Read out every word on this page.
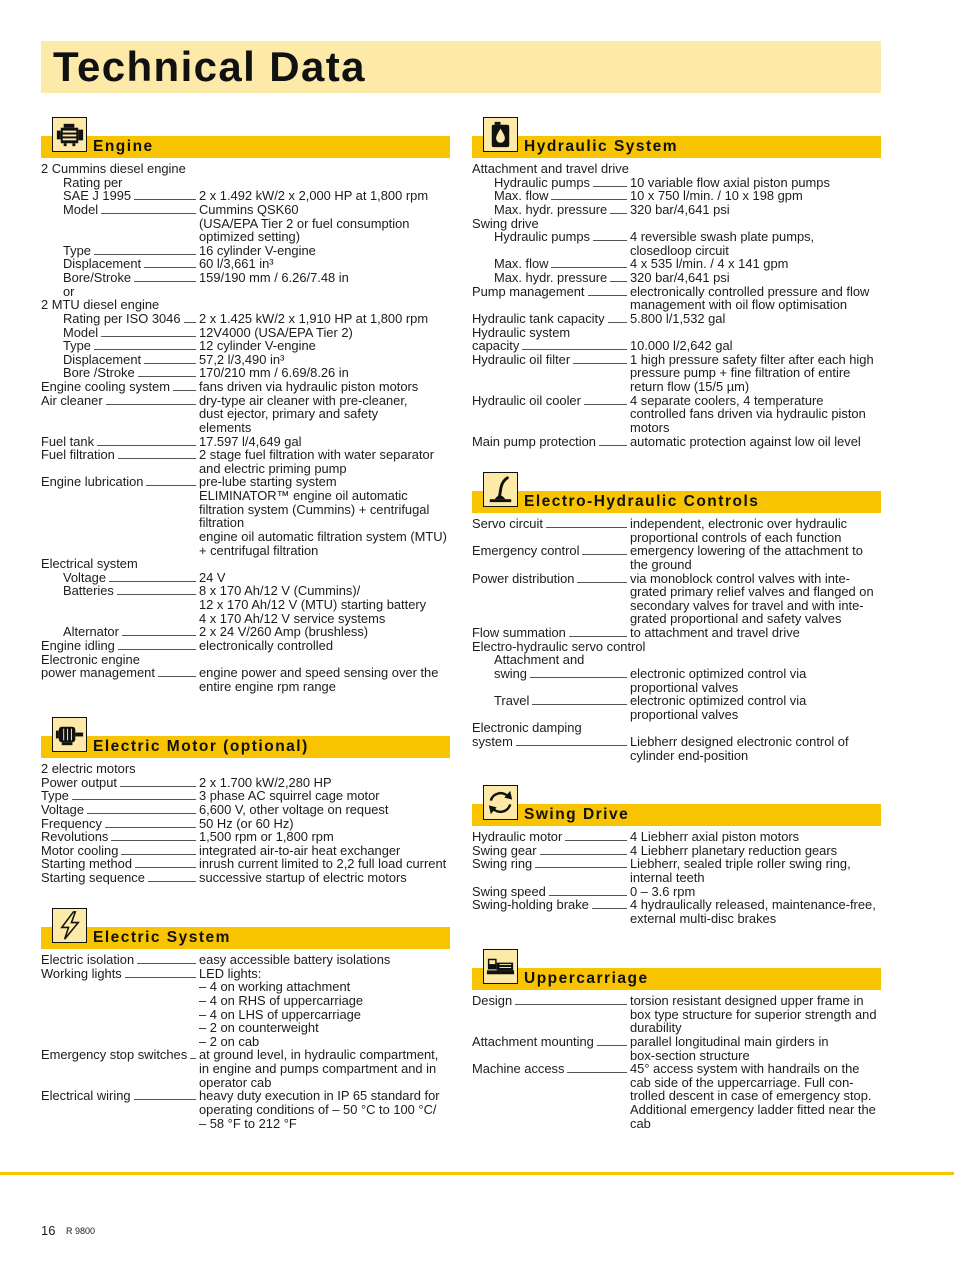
Technical Data
Engine
2 Cummins diesel engine
Rating per
SAE J 1995	2 x 1.492 kW/2 x 2,000 HP at 1,800 rpm
Model	Cummins QSK60
(USA/EPA Tier 2 or fuel consumption
optimized setting)
Type	16 cylinder V-engine
Displacement	60 l/3,661 in³
Bore/Stroke	159/190 mm / 6.26/7.48 in
or
2 MTU diesel engine
Rating per ISO 3046 2 x 1.425 kW/2 x 1,910 HP at 1,800 rpm
Model	12V4000 (USA/EPA Tier 2)
Type	12 cylinder V-engine
Displacement	57,2 l/3,490 in³
Bore /Stroke	170/210 mm / 6.69/8.26 in
Engine cooling system fans driven via hydraulic piston motors
Air cleaner	dry-type air cleaner with pre-cleaner,
dust ejector, primary and safety
elements
Fuel tank	17.597 l/4,649 gal
Fuel filtration	2 stage fuel filtration with water separator
and electric priming pump
Engine lubrication	pre-lube starting system
ELIMINATOR™ engine oil automatic
filtration system (Cummins) + centrifugal
filtration
engine oil automatic filtration system (MTU)
+ centrifugal filtration
Electrical system
Voltage	24 V
Batteries	8 x 170 Ah/12 V (Cummins)/
12 x 170 Ah/12 V (MTU) starting battery
4 x 170 Ah/12 V service systems
Alternator	2 x 24 V/260 Amp (brushless)
Engine idling	electronically controlled
Electronic engine
power management	engine power and speed sensing over the
entire engine rpm range
Electric Motor (optional)
2 electric motors
Power output	2 x 1.700 kW/2,280 HP
Type	3 phase AC squirrel cage motor
Voltage	6,600 V, other voltage on request
Frequency	50 Hz (or 60 Hz)
Revolutions	1,500 rpm or 1,800 rpm
Motor cooling	integrated air-to-air heat exchanger
Starting method	inrush current limited to 2,2 full load current
Starting sequence	successive startup of electric motors
Electric System
Electric isolation	easy accessible battery isolations
Working lights	LED lights:
– 4 on working attachment
– 4 on RHS of uppercarriage
– 4 on LHS of uppercarriage
– 2 on counterweight
– 2 on cab
Emergency stop switches at ground level, in hydraulic compartment,
in engine and pumps compartment and in
operator cab
Electrical wiring	heavy duty execution in IP 65 standard for
operating conditions of – 50 °C to 100 °C/
– 58 °F to 212 °F
Hydraulic System
Attachment and travel drive
Hydraulic pumps	10 variable flow axial piston pumps
Max. flow	10 x 750 l/min. / 10 x 198 gpm
Max. hydr. pressure 320 bar/4,641 psi
Swing drive
Hydraulic pumps	4 reversible swash plate pumps,
closedloop circuit
Max. flow	4 x 535 l/min. / 4 x 141 gpm
Max. hydr. pressure 320 bar/4,641 psi
Pump management	electronically controlled pressure and flow
management with oil flow optimisation
Hydraulic tank capacity 5.800 l/1,532 gal
Hydraulic system
capacity	10.000 l/2,642 gal
Hydraulic oil filter	1 high pressure safety filter after each high
pressure pump + fine filtration of entire
return flow (15/5 µm)
Hydraulic oil cooler	4 separate coolers, 4 temperature
controlled fans driven via hydraulic piston
motors
Main pump protection	automatic protection against low oil level
Electro-Hydraulic Controls
Servo circuit	independent, electronic over hydraulic
proportional controls of each function
Emergency control	emergency lowering of the attachment to
the ground
Power distribution	via monoblock control valves with inte-
grated primary relief valves and flanged on
secondary valves for travel and with inte-
grated proportional and safety valves
Flow summation	to attachment and travel drive
Electro-hydraulic servo control
Attachment and
swing	electronic optimized control via
proportional valves
Travel	electronic optimized control via
proportional valves
Electronic damping
system	Liebherr designed electronic control of
cylinder end-position
Swing Drive
Hydraulic motor	4 Liebherr axial piston motors
Swing gear	4 Liebherr planetary reduction gears
Swing ring	Liebherr, sealed triple roller swing ring,
internal teeth
Swing speed	0 – 3.6 rpm
Swing-holding brake	4 hydraulically released, maintenance-free,
external multi-disc brakes
Uppercarriage
Design	torsion resistant designed upper frame in
box type structure for superior strength and
durability
Attachment mounting	parallel longitudinal main girders in
box-section structure
Machine access	45° access system with handrails on the
cab side of the uppercarriage. Full con-
trolled descent in case of emergency stop.
Additional emergency ladder fitted near the
cab
16 R 9800
